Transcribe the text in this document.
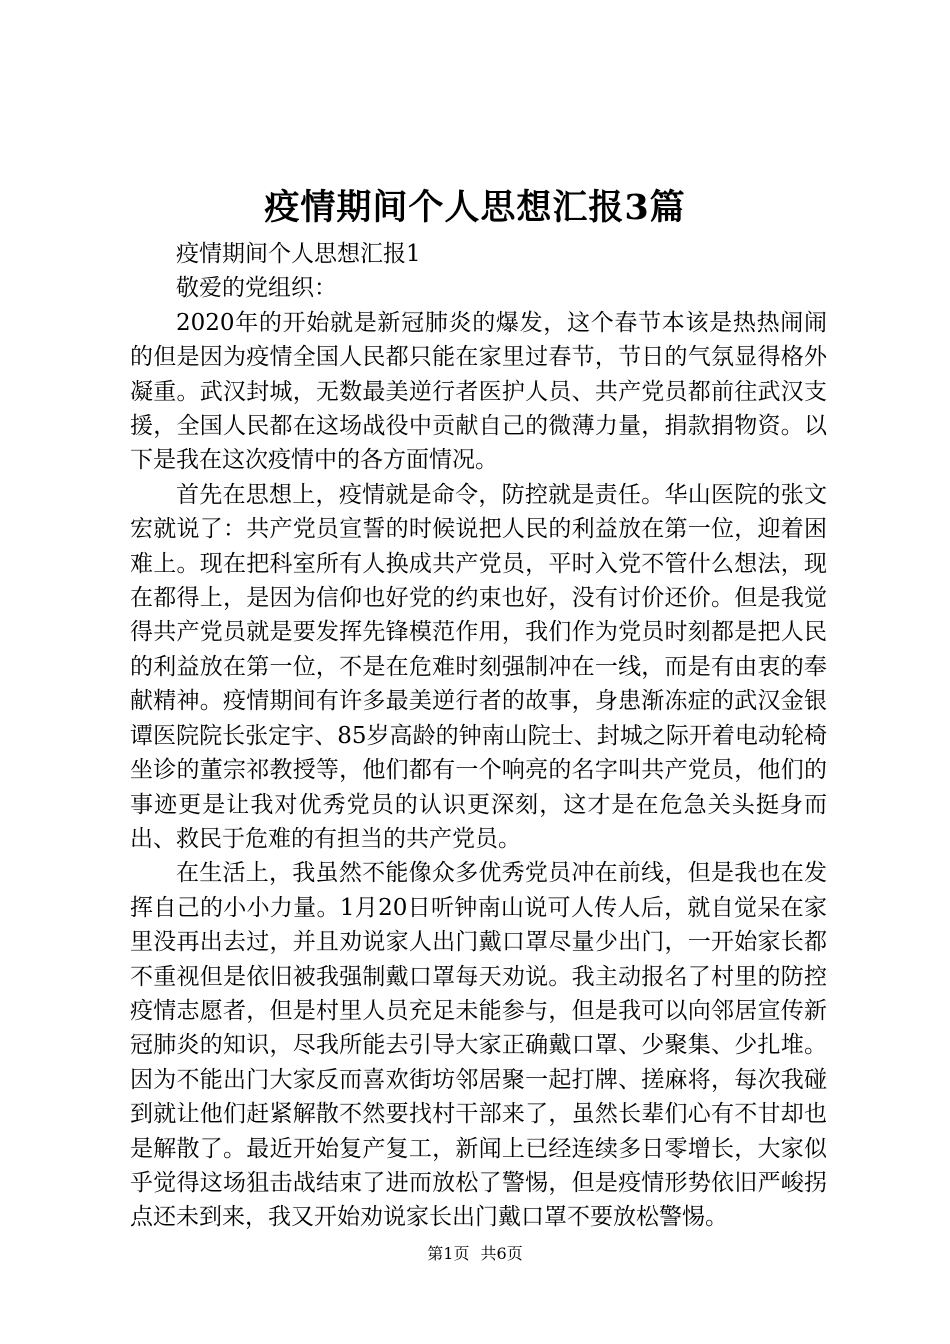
疫情期间个人思想汇报3篇

疫情期间个人思想汇报1

敬爱的党组织：

2020年的开始就是新冠肺炎的爆发，这个春节本该是热热闹闹的但是因为疫情全国人民都只能在家里过春节，节日的气氛显得格外凝重。武汉封城，无数最美逆行者医护人员、共产党员都前往武汉支援，全国人民都在这场战役中贡献自己的微薄力量，捐款捐物资。以下是我在这次疫情中的各方面情况。

首先在思想上，疫情就是命令，防控就是责任。华山医院的张文宏就说了：共产党员宣誓的时候说把人民的利益放在第一位，迎着困难上。现在把科室所有人换成共产党员，平时入党不管什么想法，现在都得上，是因为信仰也好党的约束也好，没有讨价还价。但是我觉得共产党员就是要发挥先锋模范作用，我们作为党员时刻都是把人民的利益放在第一位，不是在危难时刻强制冲在一线，而是有由衷的奉献精神。疫情期间有许多最美逆行者的故事，身患渐冻症的武汉金银谭医院院长张定宇、85岁高龄的钟南山院士、封城之际开着电动轮椅坐诊的董宗祁教授等，他们都有一个响亮的名字叫共产党员，他们的事迹更是让我对优秀党员的认识更深刻，这才是在危急关头挺身而出、救民于危难的有担当的共产党员。

在生活上，我虽然不能像众多优秀党员冲在前线，但是我也在发挥自己的小小力量。1月20日听钟南山说可人传人后，就自觉呆在家里没再出去过，并且劝说家人出门戴口罩尽量少出门，一开始家长都不重视但是依旧被我强制戴口罩每天劝说。我主动报名了村里的防控疫情志愿者，但是村里人员充足未能参与，但是我可以向邻居宣传新冠肺炎的知识，尽我所能去引导大家正确戴口罩、少聚集、少扎堆。因为不能出门大家反而喜欢街坊邻居聚一起打牌、搓麻将，每次我碰到就让他们赶紧解散不然要找村干部来了，虽然长辈们心有不甘却也是解散了。最近开始复产复工，新闻上已经连续多日零增长，大家似乎觉得这场狙击战结束了进而放松了警惕，但是疫情形势依旧严峻拐点还未到来，我又开始劝说家长出门戴口罩不要放松警惕。

第1页 共6页
